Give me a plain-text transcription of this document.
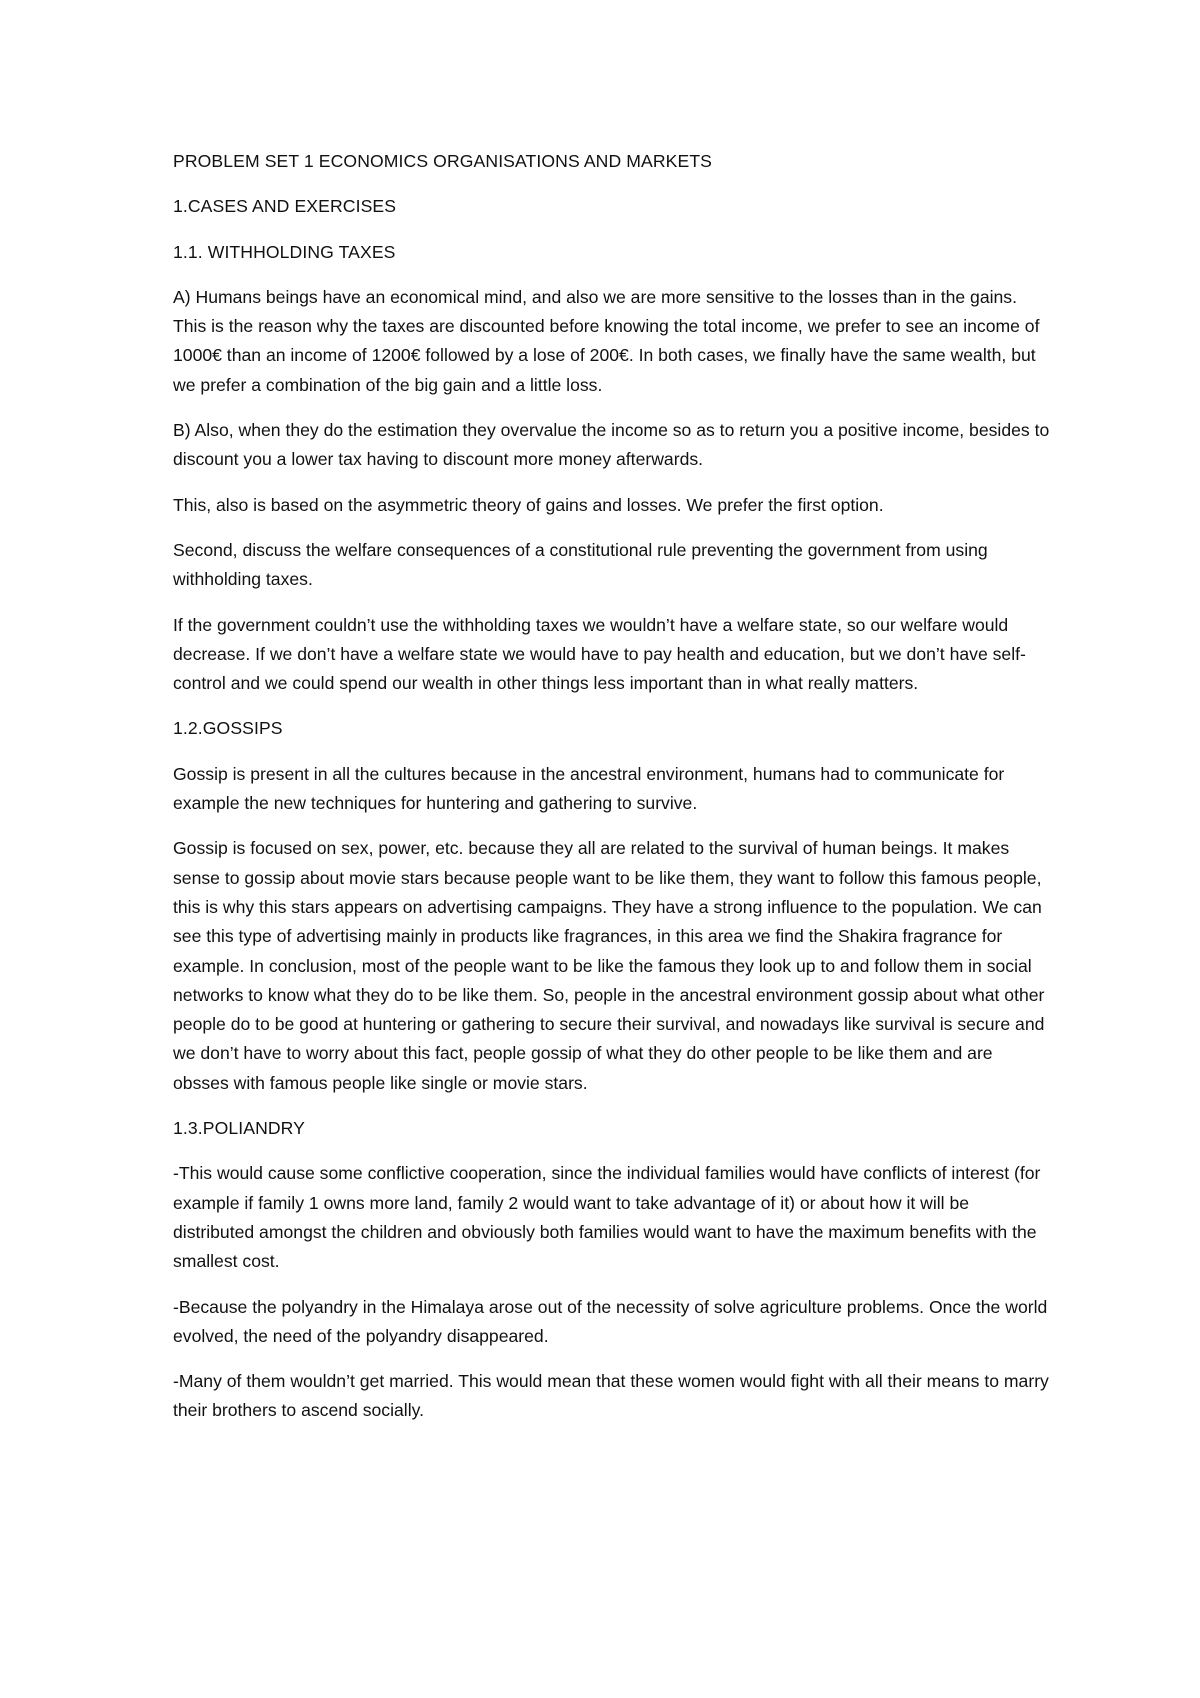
PROBLEM SET 1 ECONOMICS ORGANISATIONS AND MARKETS

1.CASES AND EXERCISES

1.1. WITHHOLDING TAXES

A) Humans beings have an economical mind, and also we are more sensitive to the losses than in the gains. This is the reason why the taxes are discounted before knowing the total income, we prefer to see an income of 1000€ than an income of 1200€ followed by a lose of 200€. In both cases, we finally have the same wealth, but we prefer a combination of the big gain and a little loss.

B) Also, when they do the estimation they overvalue the income so as to return you a positive income, besides to discount you a lower tax having to discount more money afterwards.

This, also is based on the asymmetric theory of gains and losses. We prefer the first option.

Second, discuss the welfare consequences of a constitutional rule preventing the government from using withholding taxes.

If the government couldn’t use the withholding taxes we wouldn’t have a welfare state, so our welfare would decrease. If we don’t have a welfare state we would have to pay health and education, but we don’t have self-control and we could spend our wealth in other things less important than in what really matters.

1.2.GOSSIPS

Gossip is present in all the cultures because in the ancestral environment, humans had to communicate for example the new techniques for huntering and gathering to survive.

Gossip is focused on sex, power, etc. because they all are related to the survival of human beings. It makes sense to gossip about movie stars because people want to be like them, they want to follow this famous people, this is why this stars appears on advertising campaigns. They have a strong influence to the population. We can see this type of advertising mainly in products like fragrances, in this area we find the Shakira fragrance for example. In conclusion, most of the people want to be like the famous they look up to and follow them in social networks to know what they do to be like them. So, people in the ancestral environment gossip about what other people do to be good at huntering or gathering to secure their survival, and nowadays like survival is secure and we don’t have to worry about this fact, people gossip of what they do other people to be like them and are obsses with famous people like single or movie stars.

1.3.POLIANDRY

-This would cause some conflictive cooperation, since the individual families would have conflicts of interest (for example if family 1 owns more land, family 2 would want to take advantage of it) or about how it will be distributed amongst the children and obviously both families would want to have the maximum benefits with the smallest cost.

-Because the polyandry in the Himalaya arose out of the necessity of solve agriculture problems. Once the world evolved, the need of the polyandry disappeared.

-Many of them wouldn’t get married. This would mean that these women would fight with all their means to marry their brothers to ascend socially.
